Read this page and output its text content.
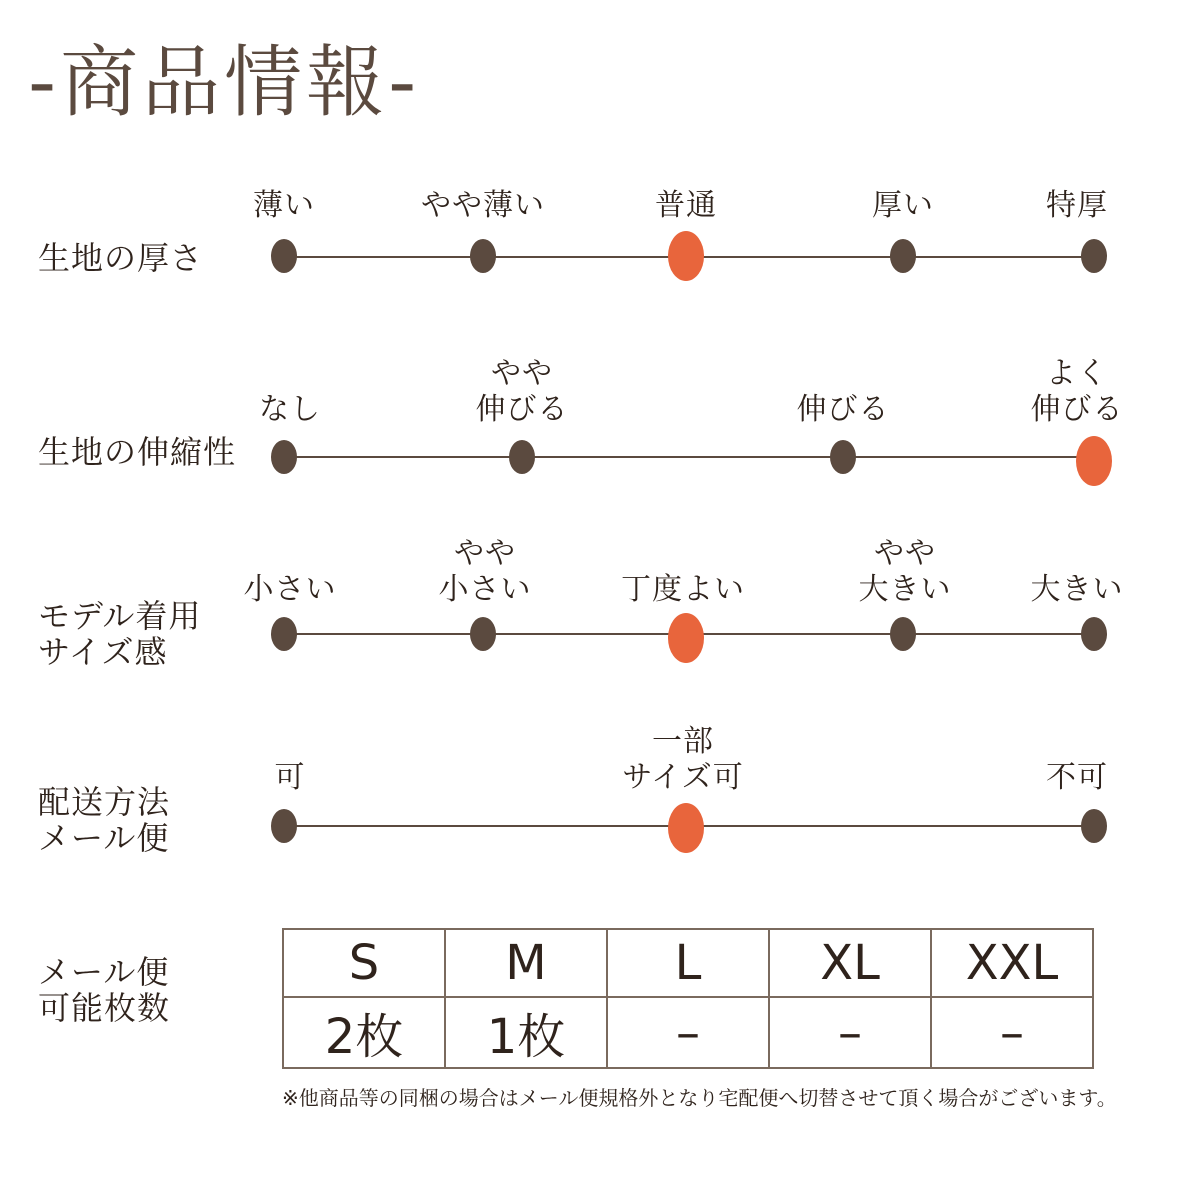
-商品情報-
生地の厚さ
薄い	やや薄い	普通	厚い	特厚
生地の伸縮性
なし
やや
伸びる	伸びる
よく
伸びる
モデル着用
サイズ感
小さい
やや
小さい	丁度よい
やや
大きい	大きい
配送方法
メール便
可
一部
サイズ可	不可
メール便
可能枚数
S	M	L	XL	XXL
2枚	1枚	–	–	–
※他商品等の同梱の場合はメール便規格外となり宅配便へ切替させて頂く場合がございます。
